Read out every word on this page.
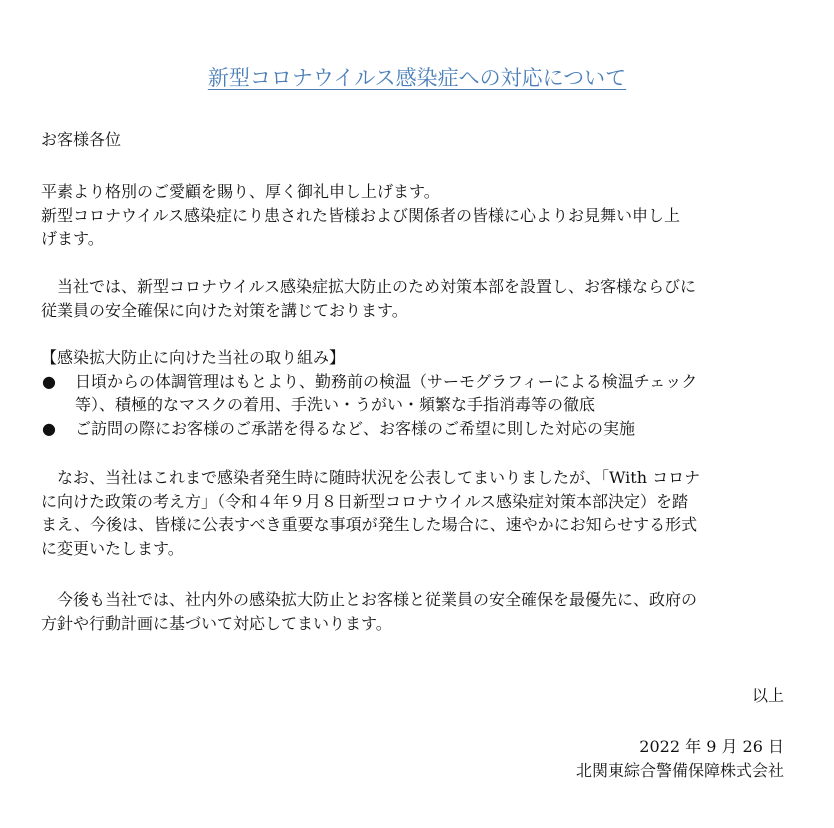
新型コロナウイルス感染症への対応について
お客様各位
平素より格別のご愛顧を賜り、厚く御礼申し上げます。
新型コロナウイルス感染症にり患された皆様および関係者の皆様に心よりお見舞い申し上
げます。
　当社では、新型コロナウイルス感染症拡大防止のため対策本部を設置し、お客様ならびに
従業員の安全確保に向けた対策を講じております。
【感染拡大防止に向けた当社の取り組み】
● 日頃からの体調管理はもとより、勤務前の検温（サーモグラフィーによる検温チェック
等）、積極的なマスクの着用、手洗い・うがい・頻繁な手指消毒等の徹底
● ご訪問の際にお客様のご承諾を得るなど、お客様のご希望に則した対応の実施
　なお、当社はこれまで感染者発生時に随時状況を公表してまいりましたが、「With コロナ
に向けた政策の考え方」（令和４年９月８日新型コロナウイルス感染症対策本部決定）を踏
まえ、今後は、皆様に公表すべき重要な事項が発生した場合に、速やかにお知らせする形式
に変更いたします。
　今後も当社では、社内外の感染拡大防止とお客様と従業員の安全確保を最優先に、政府の
方針や行動計画に基づいて対応してまいります。
以上
2022 年 9 月 26 日
北関東綜合警備保障株式会社
